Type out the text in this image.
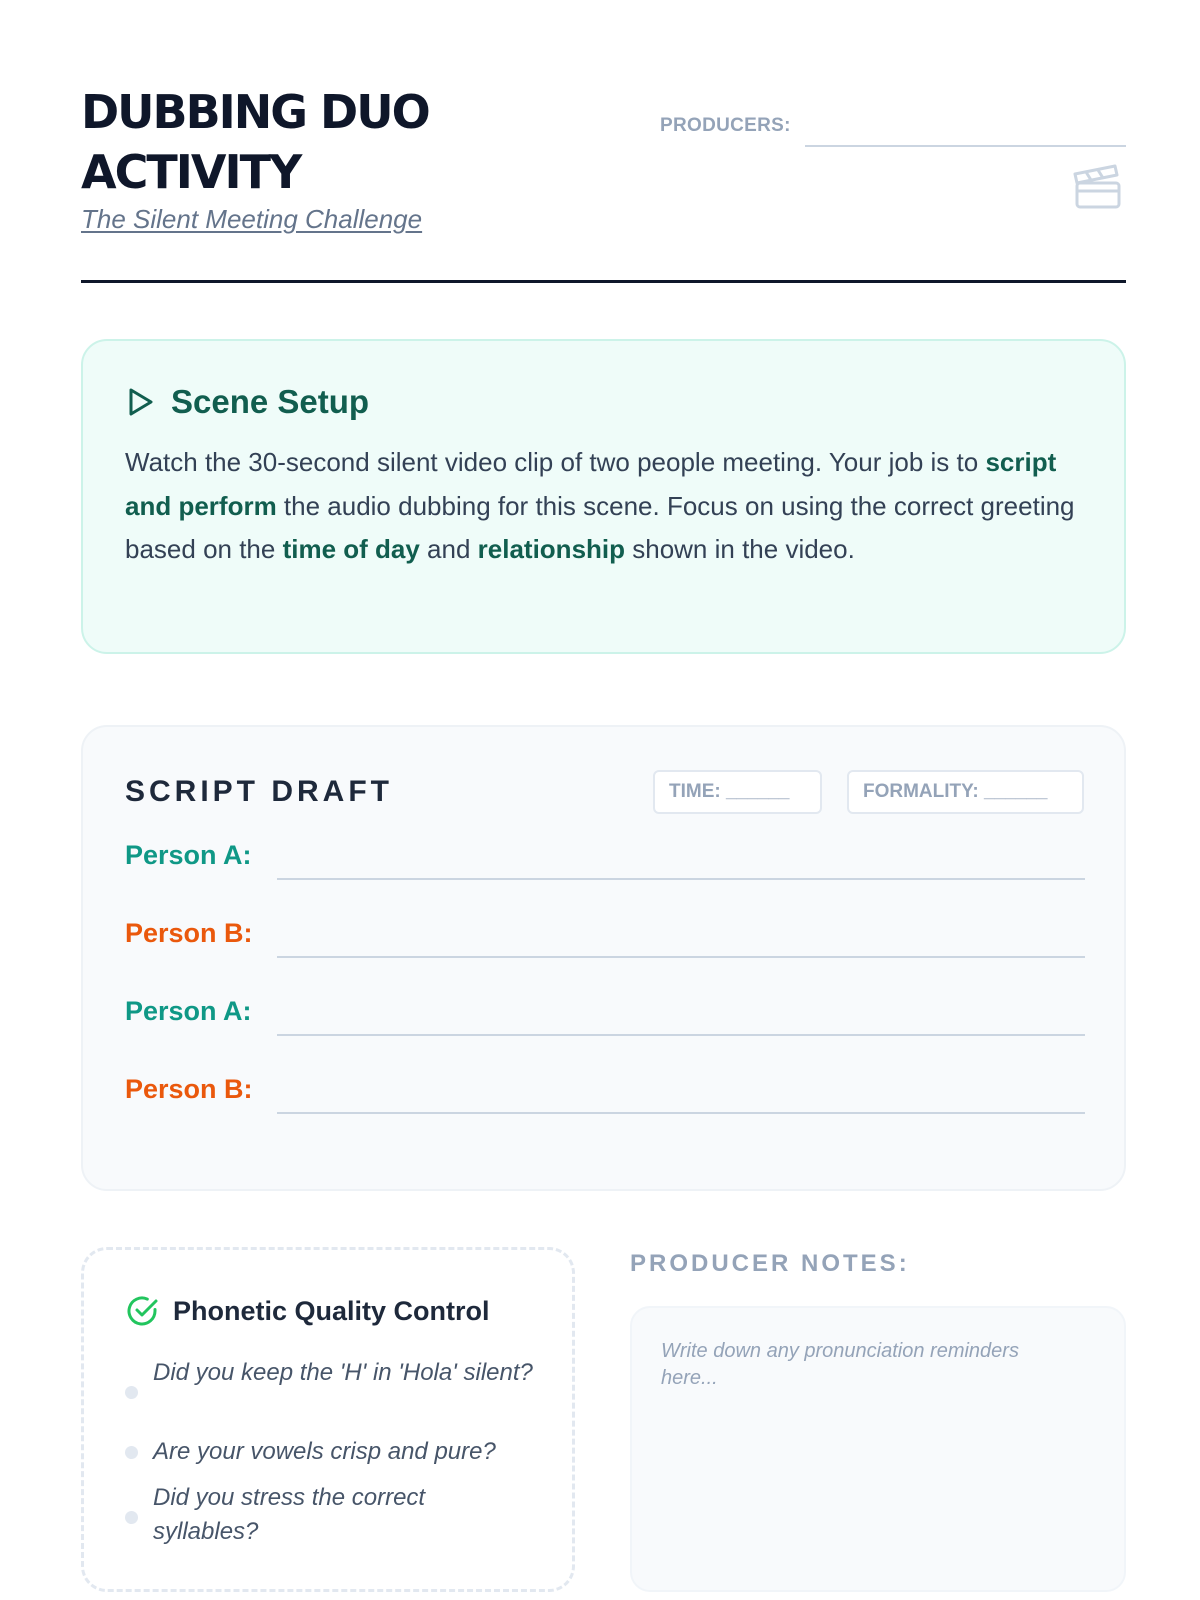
DUBBING DUO ACTIVITY
The Silent Meeting Challenge
PRODUCERS:
Scene Setup

Watch the 30-second silent video clip of two people meeting. Your job is to script and perform the audio dubbing for this scene. Focus on using the correct greeting based on the time of day and relationship shown in the video.

SCRIPT DRAFT	TIME: ______	FORMALITY: ______
Person A:
Person B:
Person A:
Person B:
Phonetic Quality Control
Did you keep the 'H' in 'Hola' silent?
Are your vowels crisp and pure?
Did you stress the correct syllables?
PRODUCER NOTES:
Write down any pronunciation reminders here...
